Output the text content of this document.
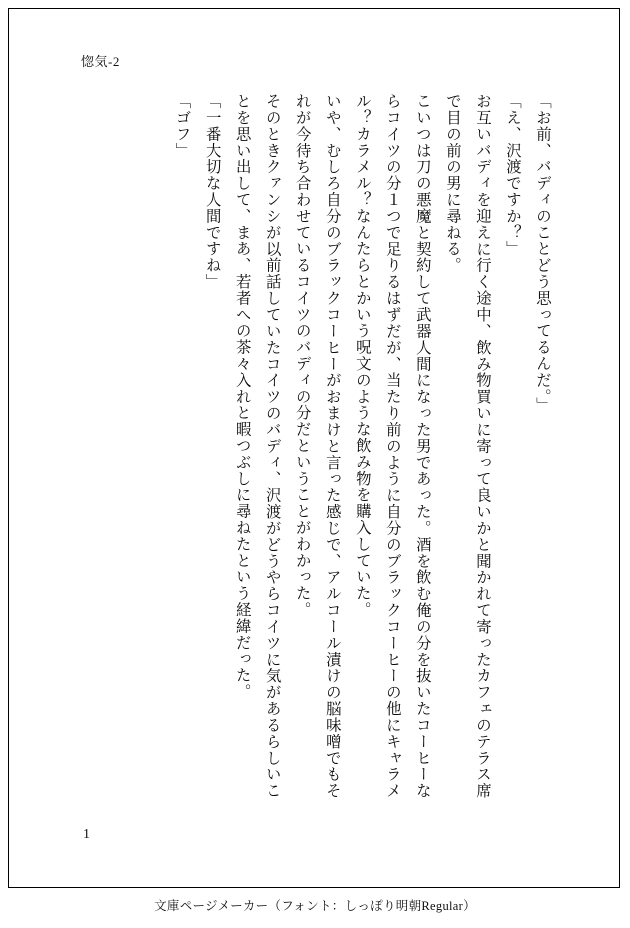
惚気-2

「お前、バディのことどう思ってるんだ。」

「え、沢渡ですか？」

お互いバディを迎えに行く途中、飲み物買いに寄って良いかと聞かれて寄ったカフェのテラス席で目の前の男に尋ねる。

こいつは刀の悪魔と契約して武器人間になった男であった。酒を飲む俺の分を抜いたコーヒーならコイツの分１つで足りるはずだが、当たり前のように自分のブラックコーヒーの他にキャラメル？カラメル？なんたらとかいう呪文のような飲み物を購入していた。

いや、むしろ自分のブラックコーヒーがおまけと言った感じで、アルコール漬けの脳味噌でもそれが今待ち合わせているコイツのバディの分だということがわかった。

そのときクァンシが以前話していたコイツのバディ、沢渡がどうやらコイツに気があるらしいことを思い出して、まあ、若者への茶々入れと暇つぶしに尋ねたという経緯だった。

「一番大切な人間ですね」

「ゴフ」

1
文庫ページメーカー（フォント：しっぽり明朝Regular）
